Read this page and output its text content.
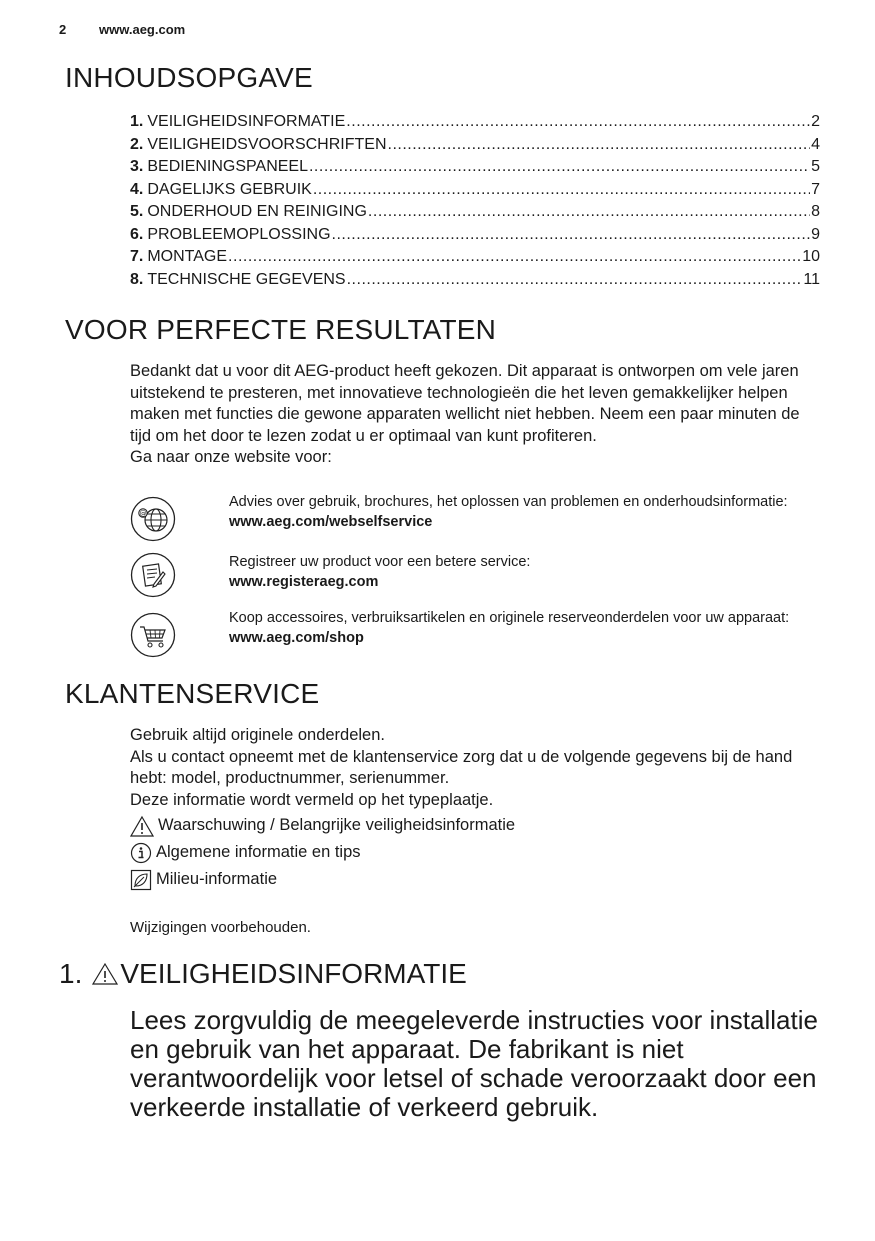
2	www.aeg.com
INHOUDSOPGAVE
1. VEILIGHEIDSINFORMATIE .....	2
2. VEILIGHEIDSVOORSCHRIFTEN .....	4
3. BEDIENINGSPANEEL .....	5
4. DAGELIJKS GEBRUIK .....	7
5. ONDERHOUD EN REINIGING .....	8
6. PROBLEEMOPLOSSING .....	9
7. MONTAGE .....	10
8. TECHNISCHE GEGEVENS .....	11
VOOR PERFECTE RESULTATEN
Bedankt dat u voor dit AEG-product heeft gekozen. Dit apparaat is ontworpen om vele jaren uitstekend te presteren, met innovatieve technologieën die het leven gemakkelijker helpen maken met functies die gewone apparaten wellicht niet hebben. Neem een paar minuten de tijd om het door te lezen zodat u er optimaal van kunt profiteren.
Ga naar onze website voor:
@
Advies over gebruik, brochures, het oplossen van problemen en onderhoudsinformatie:
www.aeg.com/webselfservice
Registreer uw product voor een betere service:
www.registeraeg.com
Koop accessoires, verbruiksartikelen en originele reserveonderdelen voor uw apparaat:
www.aeg.com/shop
KLANTENSERVICE
Gebruik altijd originele onderdelen.
Als u contact opneemt met de klantenservice zorg dat u de volgende gegevens bij de hand hebt: model, productnummer, serienummer.
Deze informatie wordt vermeld op het typeplaatje.
Waarschuwing / Belangrijke veiligheidsinformatie
Algemene informatie en tips
Milieu-informatie
Wijzigingen voorbehouden.
1. VEILIGHEIDSINFORMATIE
Lees zorgvuldig de meegeleverde instructies voor installatie en gebruik van het apparaat. De fabrikant is niet verantwoordelijk voor letsel of schade veroorzaakt door een verkeerde installatie of verkeerd gebruik.
